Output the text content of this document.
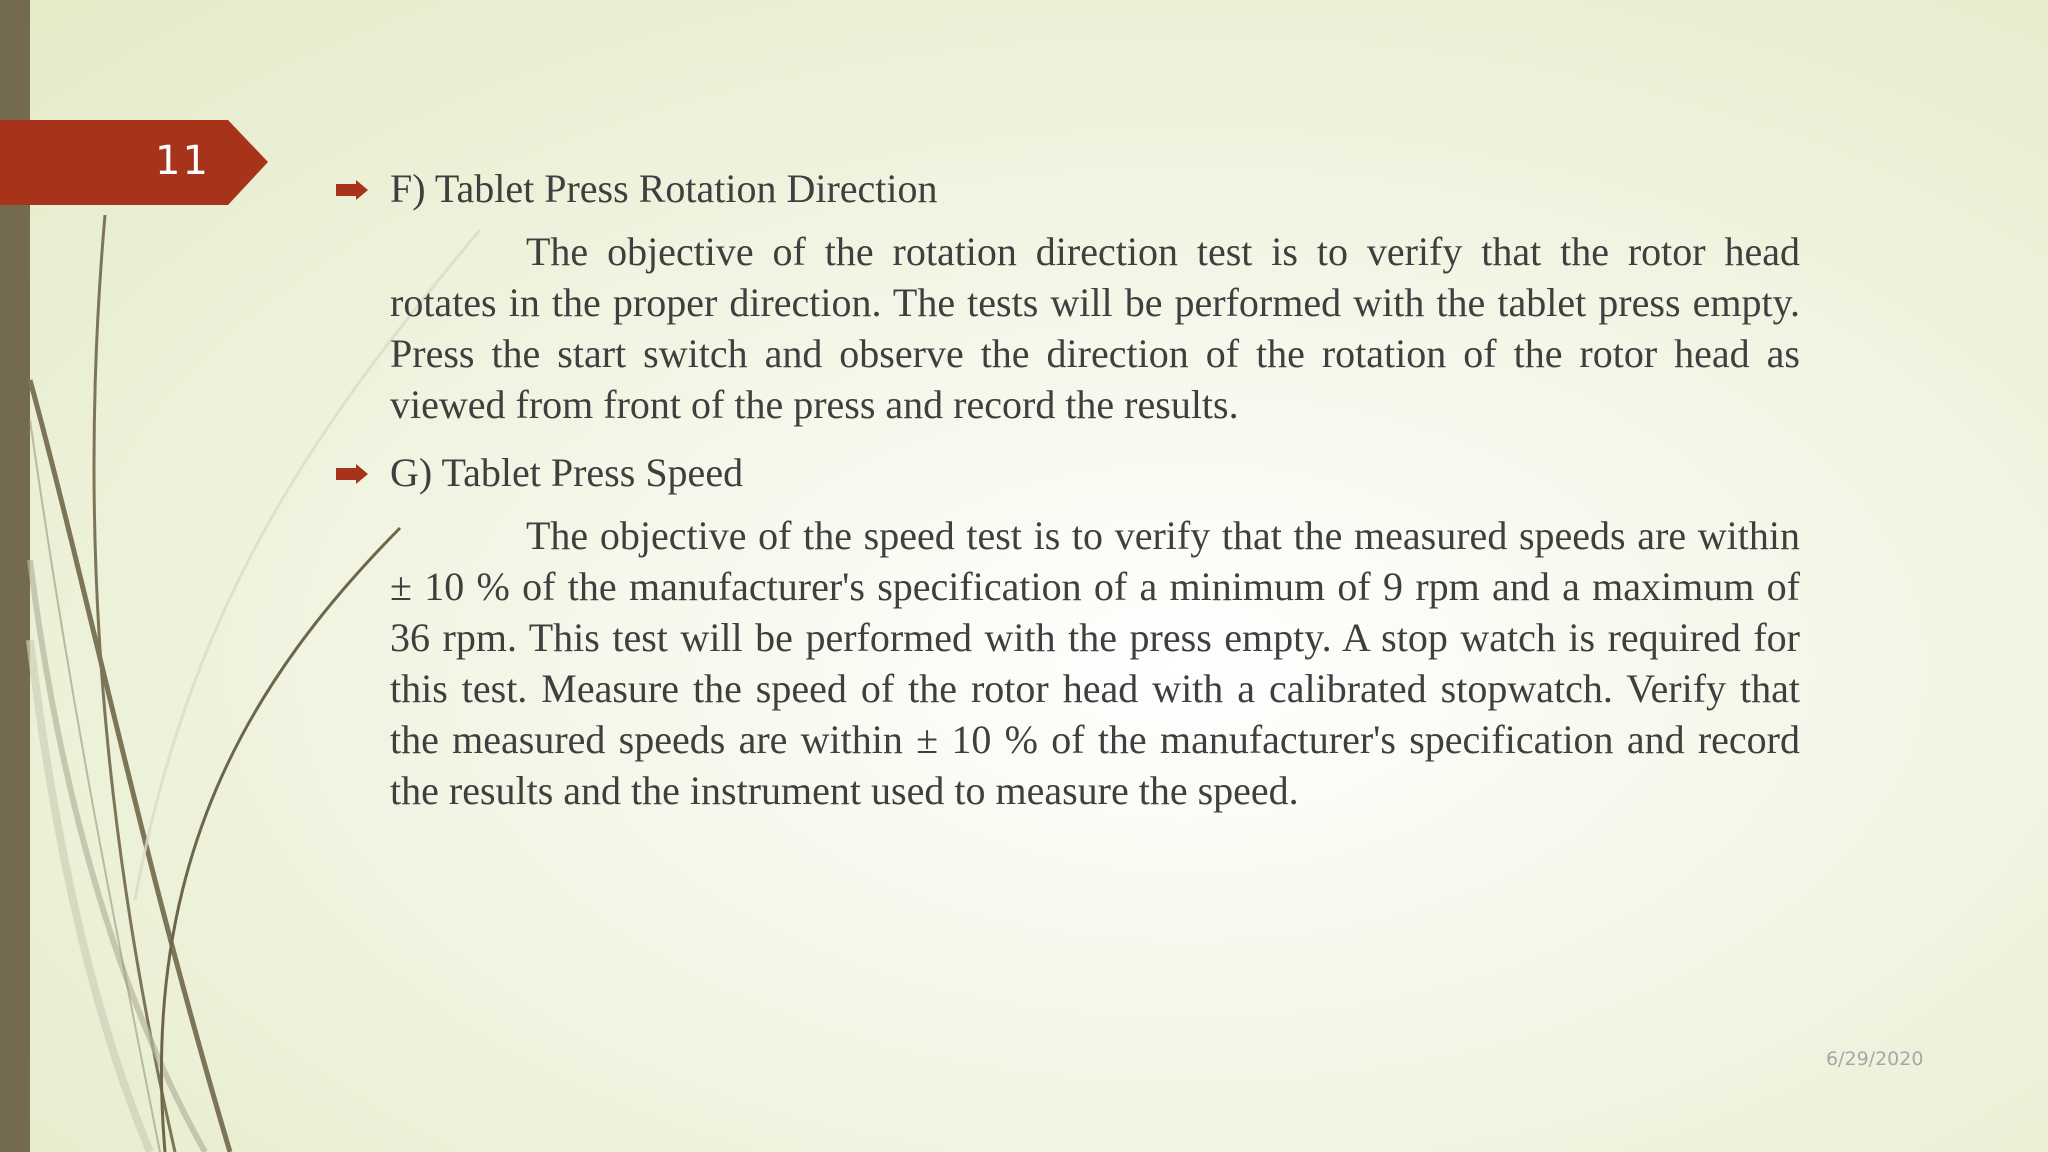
11
F) Tablet Press Rotation Direction
The objective of the rotation direction test is to verify that the rotor head rotates in the proper direction. The tests will be performed with the tablet press empty. Press the start switch and observe the direction of the rotation of the rotor head as viewed from front of the press and record the results.
G) Tablet Press Speed
The objective of the speed test is to verify that the measured speeds are within ± 10 % of the manufacturer's specification of a minimum of 9 rpm and a maximum of 36 rpm. This test will be performed with the press empty. A stop watch is required for this test. Measure the speed of the rotor head with a calibrated stopwatch. Verify that the measured speeds are within ± 10 % of the manufacturer's specification and record the results and the instrument used to measure the speed.
6/29/2020
